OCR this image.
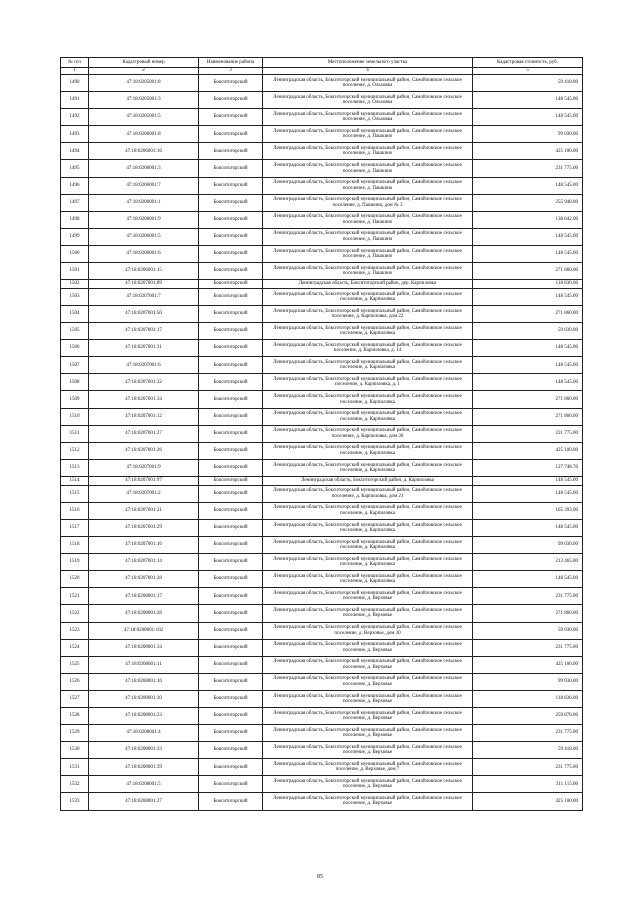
№ п/п	Кадастровый номер	Наименование района	Местоположение земельного участка	Кадастровая стоимость, руб.
1	2	3	4	5
1490	47:18:0205001:8	Бокситогорский	Ленинградская область, Бокситогорский муниципальный район, Самойловское сельское поселение, д. Ольховка	59 418.00
1491	47:18:0205001:3	Бокситогорский	Ленинградская область, Бокситогорский муниципальный район, Самойловское сельское поселение, д. Ольховка	148 545.00
1492	47:18:0205001:5	Бокситогорский	Ленинградская область, Бокситогорский муниципальный район, Самойловское сельское поселение, д. Ольховка	148 545.00
1493	47:18:0206001:8	Бокситогорский	Ленинградская область, Бокситогорский муниципальный район, Самойловское сельское поселение, д. Пашкино	99 030.00
1494	47:18:0206001:16	Бокситогорский	Ленинградская область, Бокситогорский муниципальный район, Самойловское сельское поселение, д. Пашкино	425 100.00
1495	47:18:0206001:3	Бокситогорский	Ленинградская область, Бокситогорский муниципальный район, Самойловское сельское поселение, д. Пашкино	231 775.00
1496	47:18:0206001:7	Бокситогорский	Ленинградская область, Бокситогорский муниципальный район, Самойловское сельское поселение, д. Пашкино	148 545.00
1497	47:18:0206001:1	Бокситогорский	Ленинградская область, Бокситогорский муниципальный район, Самойловское сельское поселение, д. Пашкино, дом № 3	255 948.00
1498	47:18:0206001:9	Бокситогорский	Ленинградская область, Бокситогорский муниципальный район, Самойловское сельское поселение, д. Пашкино	138 642.00
1499	47:18:0206001:5	Бокситогорский	Ленинградская область, Бокситогорский муниципальный район, Самойловское сельское поселение, д. Пашкино	148 545.00
1500	47:18:0206001:6	Бокситогорский	Ленинградская область, Бокситогорский муниципальный район, Самойловское сельское поселение, д. Пашкино	148 545.00
1501	47:18:0206001:15	Бокситогорский	Ленинградская область, Бокситогорский муниципальный район, Самойловское сельское поселение, д. Пашкино	271 860.00
1502	47:18:0207001:89	Бокситогорский	Ленинградская область, Бокситогорский район, дер. Карпиловка	118 836.00
1503	47:18:0207001:7	Бокситогорский	Ленинградская область, Бокситогорский муниципальный район, Самойловское сельское поселение, д. Карпиловка	148 545.00
1504	47:18:0207001:50	Бокситогорский	Ленинградская область, Бокситогорский муниципальный район, Самойловское сельское поселение, д. Карпиловка, дом 22	271 860.00
1505	47:18:0207001:17	Бокситогорский	Ленинградская область, Бокситогорский муниципальный район, Самойловское сельское поселение, д. Карпиловка	59 030.00
1506	47:18:0207001:31	Бокситогорский	Ленинградская область, Бокситогорский муниципальный район, Самойловское сельское поселение, д. Карпиловка, д. 14	148 545.00
1507	47:18:0207001:6	Бокситогорский	Ленинградская область, Бокситогорский муниципальный район, Самойловское сельское поселение, д. Карпиловка	148 545.00
1508	47:18:0207001:32	Бокситогорский	Ленинградская область, Бокситогорский муниципальный район, Самойловское сельское поселение, д. Карпиловка, д. 1	148 545.00
1509	47:18:0207001:34	Бокситогорский	Ленинградская область, Бокситогорский муниципальный район, Самойловское сельское поселение, д. Карпиловка	271 860.00
1510	47:18:0207001:12	Бокситогорский	Ленинградская область, Бокситогорский муниципальный район, Самойловское сельское поселение, д. Карпиловка	271 860.00
1511	47:18:0207001:27	Бокситогорский	Ленинградская область, Бокситогорский муниципальный район, Самойловское сельское поселение, д. Карпиловка, дом 30	231 775.00
1512	47:18:0207001:26	Бокситогорский	Ленинградская область, Бокситогорский муниципальный район, Самойловское сельское поселение, д. Карпиловка	425 100.00
1513	47:18:0207001:9	Бокситогорский	Ленинградская область, Бокситогорский муниципальный район, Самойловское сельское поселение, д. Карпиловка	127 748.70
1514	47:18:0207001:97	Бокситогорский	Ленинградская область, Бокситогорский район, д. Карпиловка	148 545.00
1515	47:18:0207001:2	Бокситогорский	Ленинградская область, Бокситогорский муниципальный район, Самойловское сельское поселение, д. Карпиловка, дом 21	148 545.00
1516	47:18:0207001:21	Бокситогорский	Ленинградская область, Бокситогорский муниципальный район, Самойловское сельское поселение, д. Карпиловка	165 393.00
1517	47:18:0207001:29	Бокситогорский	Ленинградская область, Бокситогорский муниципальный район, Самойловское сельское поселение, д. Карпиловка	148 545.00
1518	47:18:0207001:16	Бокситогорский	Ленинградская область, Бокситогорский муниципальный район, Самойловское сельское поселение, д. Карпиловка	99 030.00
1519	47:18:0207001:14	Бокситогорский	Ленинградская область, Бокситогорский муниципальный район, Самойловское сельское поселение, д. Карпиловка	213 465.00
1520	47:18:0207001:28	Бокситогорский	Ленинградская область, Бокситогорский муниципальный район, Самойловское сельское поселение, д. Карпиловка	148 545.00
1521	47:18:0208001:17	Бокситогорский	Ленинградская область, Бокситогорский муниципальный район, Самойловское сельское поселение, д. Верховье	231 775.00
1522	47:18:0208001:28	Бокситогорский	Ленинградская область, Бокситогорский муниципальный район, Самойловское сельское поселение, д. Верховье	271 860.00
1523	47:18:0208001:102	Бокситогорский	Ленинградская область, Бокситогорский муниципальный район, Самойловское сельское поселение, д. Верховье, дом 30	59 030.00
1524	47:18:0208001:34	Бокситогорский	Ленинградская область, Бокситогорский муниципальный район, Самойловское сельское поселение, д. Верховье	231 775.00
1525	47:18:0208001:11	Бокситогорский	Ленинградская область, Бокситогорский муниципальный район, Самойловское сельское поселение, д. Верховье	425 100.00
1526	47:18:0208001:16	Бокситогорский	Ленинградская область, Бокситогорский муниципальный район, Самойловское сельское поселение, д. Верховье	99 030.00
1527	47:18:0208001:30	Бокситогорский	Ленинградская область, Бокситогорский муниципальный район, Самойловское сельское поселение, д. Верховье	118 836.00
1528	47:18:0208001:23	Бокситогорский	Ленинградская область, Бокситогорский муниципальный район, Самойловское сельское поселение, д. Верховье	259 876.00
1529	47:18:0208001:4	Бокситогорский	Ленинградская область, Бокситогорский муниципальный район, Самойловское сельское поселение, д. Верховье	231 775.00
1530	47:18:0208001:33	Бокситогорский	Ленинградская область, Бокситогорский муниципальный район, Самойловское сельское поселение, д. Верховье	59 418.00
1531	47:18:0208001:39	Бокситогорский	Ленинградская область, Бокситогорский муниципальный район, Самойловское сельское поселение, д. Верховье, дом 7	231 775.00
1532	47:18:0208001:5	Бокситогорский	Ленинградская область, Бокситогорский муниципальный район, Самойловское сельское поселение, д. Верховье	311 115.00
1533	47:18:0208001:27	Бокситогорский	Ленинградская область, Бокситогорский муниципальный район, Самойловское сельское поселение, д. Верховье	425 100.00
85
